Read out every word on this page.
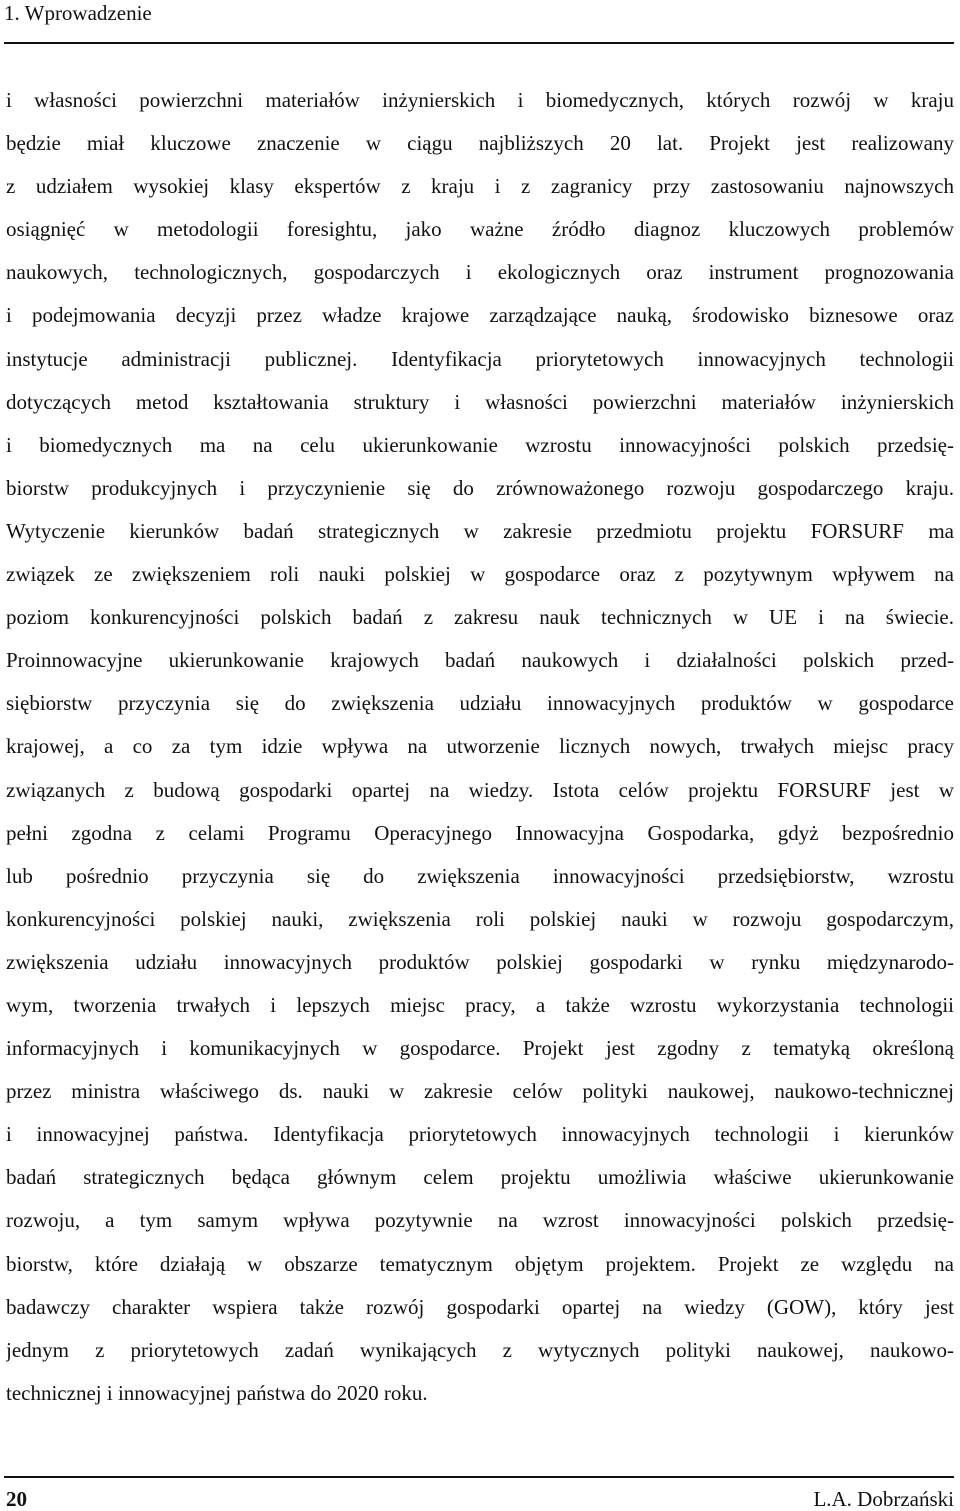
1. Wprowadzenie
i własności powierzchni materiałów inżynierskich i biomedycznych, których rozwój w kraju
będzie miał kluczowe znaczenie w ciągu najbliższych 20 lat. Projekt jest realizowany
z udziałem wysokiej klasy ekspertów z kraju i z zagranicy przy zastosowaniu najnowszych
osiągnięć w metodologii foresightu, jako ważne źródło diagnoz kluczowych problemów
naukowych, technologicznych, gospodarczych i ekologicznych oraz instrument prognozowania
i podejmowania decyzji przez władze krajowe zarządzające nauką, środowisko biznesowe oraz
instytucje administracji publicznej. Identyfikacja priorytetowych innowacyjnych technologii
dotyczących metod kształtowania struktury i własności powierzchni materiałów inżynierskich
i biomedycznych ma na celu ukierunkowanie wzrostu innowacyjności polskich przedsię-
biorstw produkcyjnych i przyczynienie się do zrównoważonego rozwoju gospodarczego kraju.
Wytyczenie kierunków badań strategicznych w zakresie przedmiotu projektu FORSURF ma
związek ze zwiększeniem roli nauki polskiej w gospodarce oraz z pozytywnym wpływem na
poziom konkurencyjności polskich badań z zakresu nauk technicznych w UE i na świecie.
Proinnowacyjne ukierunkowanie krajowych badań naukowych i działalności polskich przed-
siębiorstw przyczynia się do zwiększenia udziału innowacyjnych produktów w gospodarce
krajowej, a co za tym idzie wpływa na utworzenie licznych nowych, trwałych miejsc pracy
związanych z budową gospodarki opartej na wiedzy. Istota celów projektu FORSURF jest w
pełni zgodna z celami Programu Operacyjnego Innowacyjna Gospodarka, gdyż bezpośrednio
lub pośrednio przyczynia się do zwiększenia innowacyjności przedsiębiorstw, wzrostu
konkurencyjności polskiej nauki, zwiększenia roli polskiej nauki w rozwoju gospodarczym,
zwiększenia udziału innowacyjnych produktów polskiej gospodarki w rynku międzynarodo-
wym, tworzenia trwałych i lepszych miejsc pracy, a także wzrostu wykorzystania technologii
informacyjnych i komunikacyjnych w gospodarce. Projekt jest zgodny z tematyką określoną
przez ministra właściwego ds. nauki w zakresie celów polityki naukowej, naukowo-technicznej
i innowacyjnej państwa. Identyfikacja priorytetowych innowacyjnych technologii i kierunków
badań strategicznych będąca głównym celem projektu umożliwia właściwe ukierunkowanie
rozwoju, a tym samym wpływa pozytywnie na wzrost innowacyjności polskich przedsię-
biorstw, które działają w obszarze tematycznym objętym projektem. Projekt ze względu na
badawczy charakter wspiera także rozwój gospodarki opartej na wiedzy (GOW), który jest
jednym z priorytetowych zadań wynikających z wytycznych polityki naukowej, naukowo-
technicznej i innowacyjnej państwa do 2020 roku.
20	L.A. Dobrzański
